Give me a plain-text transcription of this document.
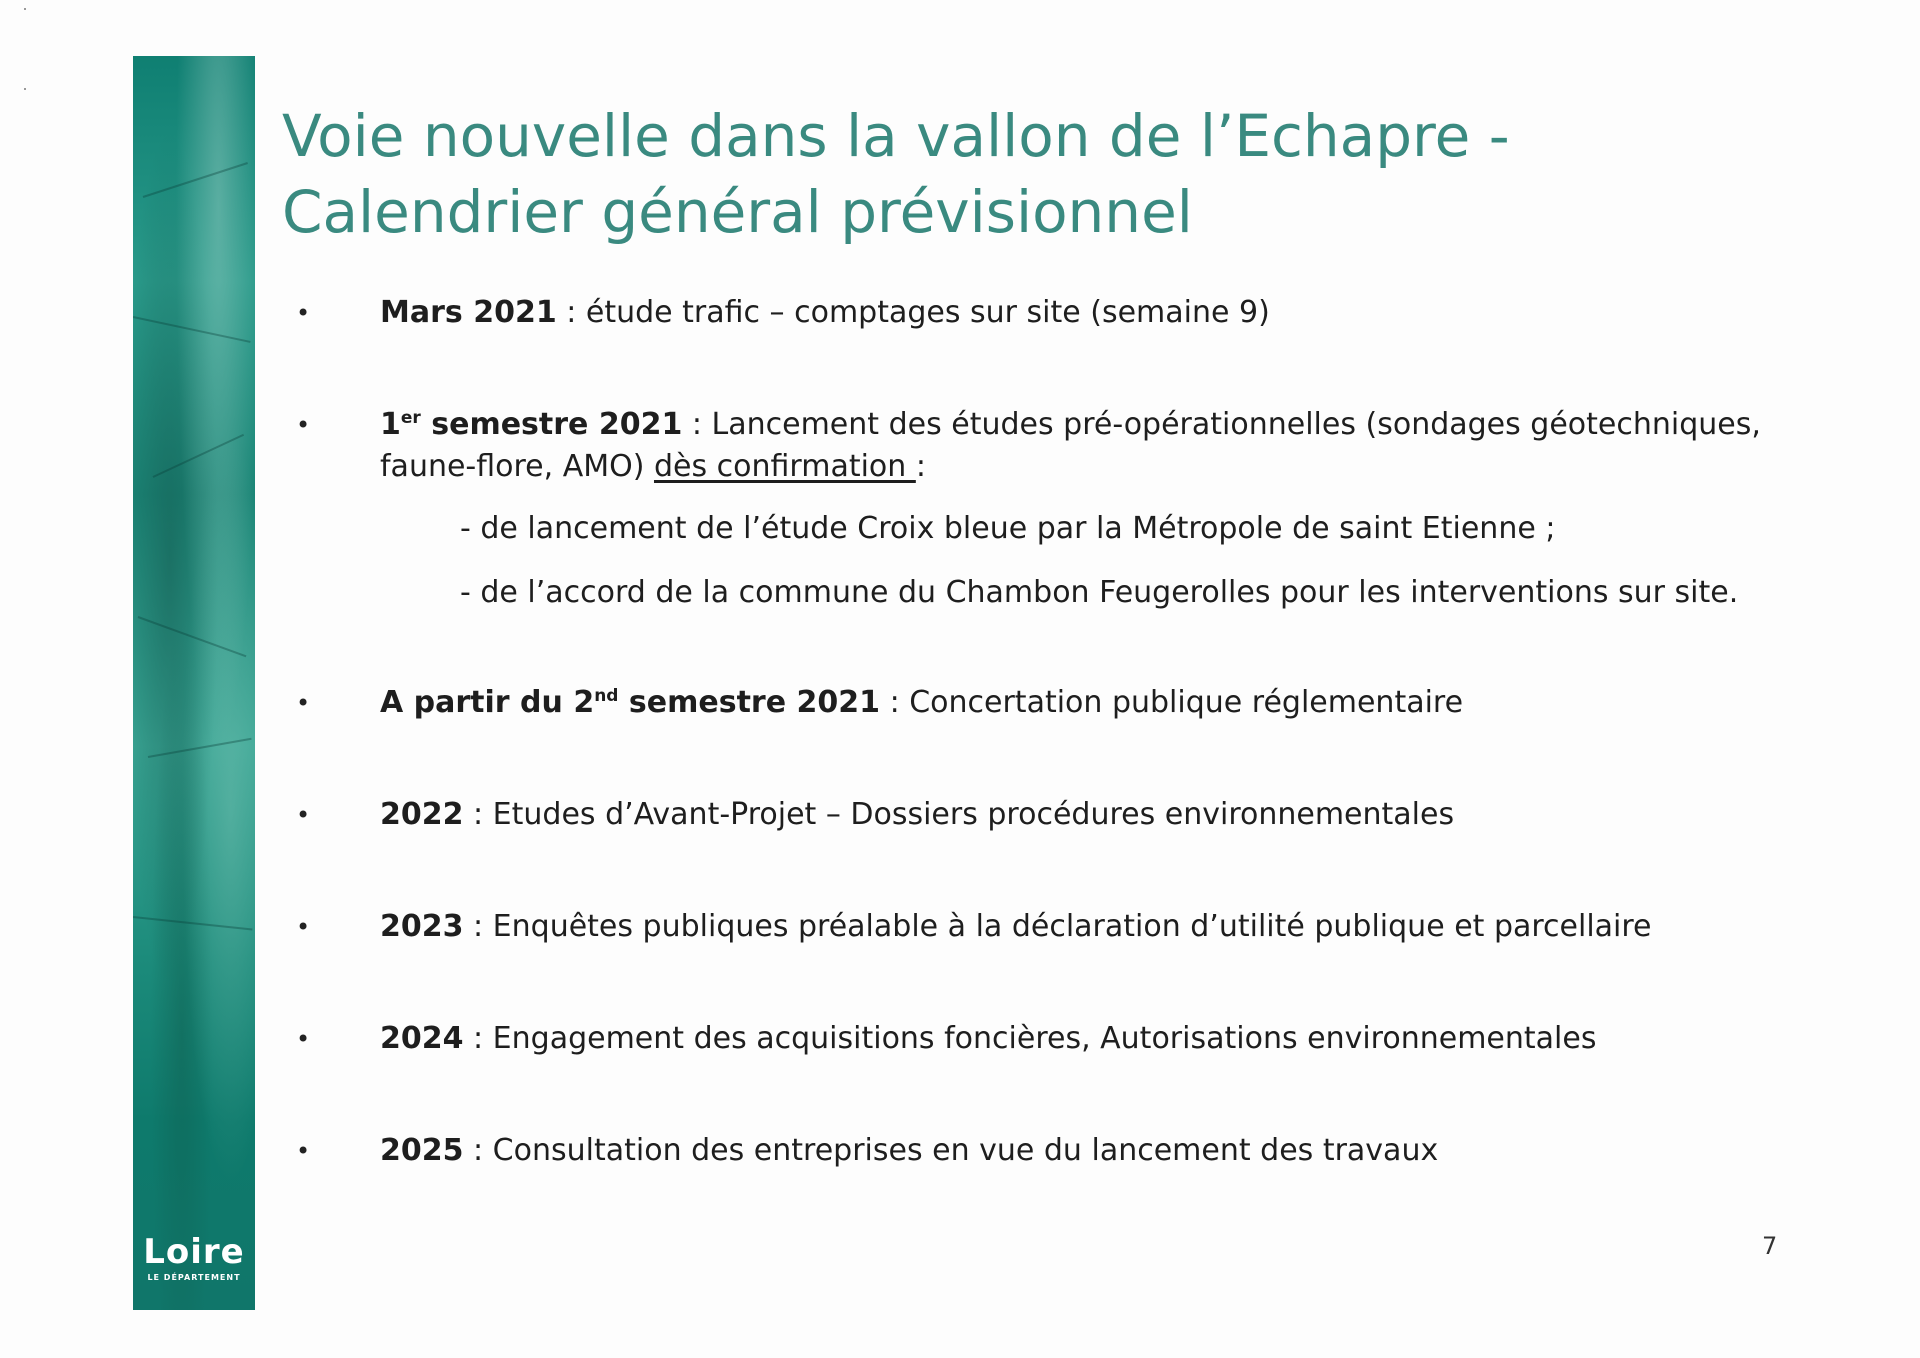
Loire
LE DÉPARTEMENT
Voie nouvelle dans la vallon de l’Echapre -
Calendrier général prévisionnel
• Mars 2021 : étude trafic – comptages sur site (semaine 9)
• 1er semestre 2021 : Lancement des études pré-opérationnelles (sondages géotechniques, faune-flore, AMO) dès confirmation :
- de lancement de l’étude Croix bleue par la Métropole de saint Etienne ;
- de l’accord de la commune du Chambon Feugerolles pour les interventions sur site.
• A partir du 2nd semestre 2021 : Concertation publique réglementaire
• 2022 : Etudes d’Avant-Projet – Dossiers procédures environnementales
• 2023 : Enquêtes publiques préalable à la déclaration d’utilité publique et parcellaire
• 2024 : Engagement des acquisitions foncières, Autorisations environnementales
• 2025 : Consultation des entreprises en vue du lancement des travaux
7
